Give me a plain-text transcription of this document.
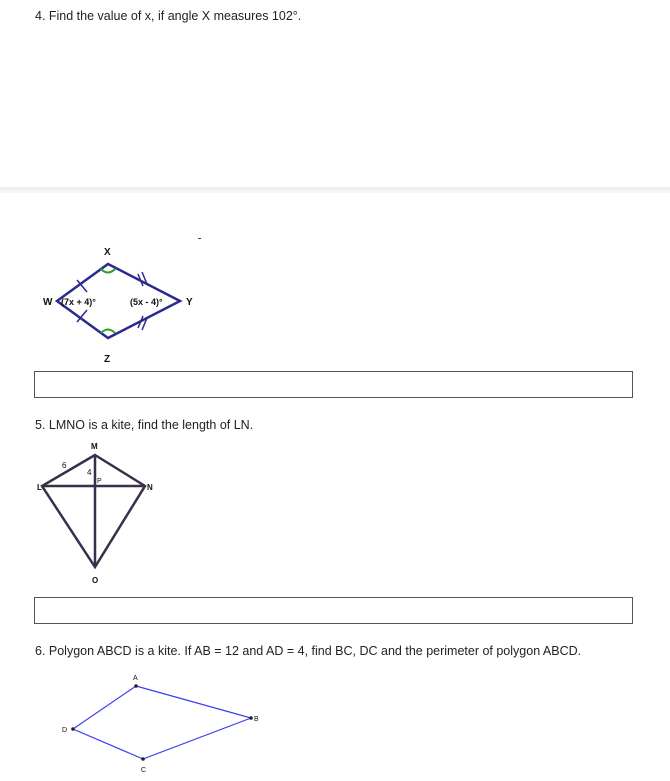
4. Find the value of x, if angle X measures 102°.
X
W	Y
Z
(7x + 4)°	(5x - 4)°
5. LMNO is a kite, find the length of LN.
M
N
O
L
P
6
4
6. Polygon ABCD is a kite. If AB = 12 and AD = 4, find BC, DC and the perimeter of polygon ABCD.
A
B
C
D
